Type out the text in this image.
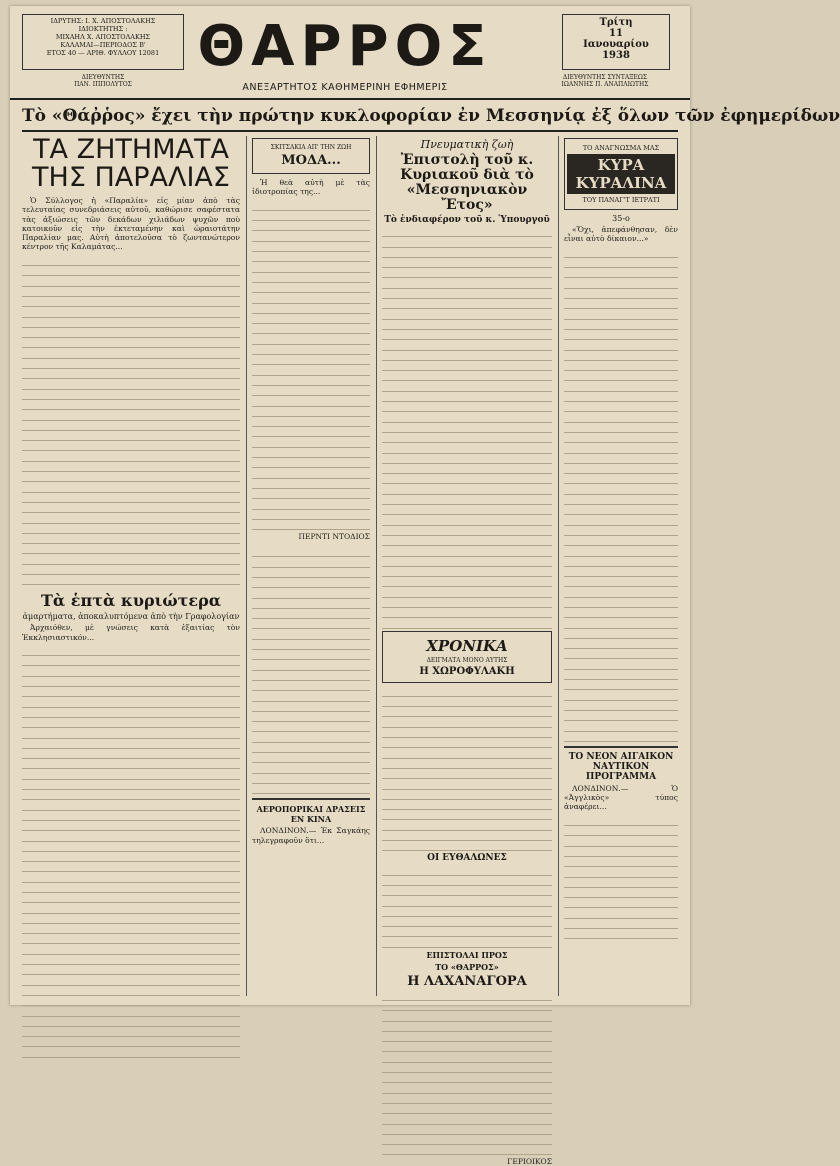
ΙΔΡΥΤΗΣ: Ι. Χ. ΑΠΟΣΤΟΛΑΚΗΣ
ΙΔΙΟΚΤΗΤΗΣ :
ΜΙΧΑΗΛ Χ. ΑΠΟΣΤΟΛΑΚΗΣ
ΚΑΛΑΜΑΙ—ΠΕΡΙΟΔΟΣ Β'
ΕΤΟΣ 40 — ΑΡΙΘ. ΦΥΛΛΟΥ 12081
ΔΙΕΥΘΥΝΤΗΣ
ΠΑΝ. ΙΠΠΟΛΥΤΟΣ
ΘΑΡΡΟΣ
ΑΝΕΞΑΡΤΗΤΟΣ ΚΑΘΗΜΕΡΙΝΗ ΕΦΗΜΕΡΙΣ
Τρίτη
11
Ιανουαρίου
1938
ΔΙΕΥΘΥΝΤΗΣ ΣΥΝΤΑΞΕΩΣ
ΙΩΑΝΝΗΣ Π. ΑΝΑΠΛΙΩΤΗΣ
Τὸ «Θάῤῥος» ἔχει τὴν πρώτην κυκλοφορίαν ἐν Μεσσηνίᾳ ἐξ ὅλων τῶν ἐφημερίδων
ΤΑ ΖΗΤΗΜΑΤΑ
ΤΗΣ ΠΑΡΑΛΙΑΣ

Ὁ Σύλλογος ἡ «Παραλία» εἰς μίαν ἀπὸ τὰς τελευταίας συνεδριάσεις αὐτοῦ, καθώρισε σαφέστατα τὰς ἀξιώσεις τῶν δεκάδων χιλιάδων ψυχῶν ποὺ κατοικοῦν εἰς τὴν ἐκτεταμένην καὶ ὡραιοτάτην Παραλίαν μας. Αὐτὴ ἀποτελοῦσα τὸ ζωντανώτερον κέντρον τῆς Καλαμάτας...

Τὰ ἑπτὰ κυριώτερα
ἁμαρτήματα, ἀποκαλυπτόμενα ἀπὸ τὴν Γραφολογίαν

Ἀρχαιόθεν, μὲ γνώσεις κατὰ ἐξαιτίας τὸν Ἐκκλησιαστικόν...

ΣΚΙΤΣΑΚΙΑ ΑΠ' ΤΗΝ ΖΩΗ
ΜΟΔΑ...

Ἡ θεὰ αὐτὴ μὲ τὰς ἰδιοτροπίας της...

ΠΕΡΝΤΙ ΝΤΟΔΙΟΣ
ΑΕΡΟΠΟΡΙΚΑΙ ΔΡΑΣΕΙΣ ΕΝ ΚΙΝΑ

ΛΟΝΔΙΝΟΝ.— Ἐκ Σαγκάης τηλεγραφοῦν ὅτι...

Πνευματικὴ ζωὴ
Ἐπιστολὴ τοῦ κ. Κυριακοῦ διὰ τὸ «Μεσσηνιακὸν Ἔτος»
Τὸ ἐνδιαφέρον τοῦ κ. Ὑπουργοῦ
ΧΡΟΝΙΚΑ
ΔΕΙΓΜΑΤΑ ΜΟΝΟ ΑΥΤΗΣ
Η ΧΩΡΟΦΥΛΑΚΗ
ΟΙ ΕΥΘΑΛΩΝΕΣ
ΕΠΙΣΤΟΛΑΙ ΠΡΟΣ
ΤΟ «ΘΑΡΡΟΣ»
Η ΛΑΧΑΝΑΓΟΡΑ
ΓΕΡΙΟΙΚΟΣ
ΤΟ ΑΝΑΓΝΩΣΜΑ ΜΑΣ
ΚΥΡΑ ΚΥΡΑΛΙΝΑ
ΤΟΥ ΠΑΝΑΓ'Τ ΙΕΤΡΑΤΙ
35-ο

«Ὅχι, ἀπεφάνθησαν, δὲν εἶναι αὐτὸ δίκαιον...»

ΤΟ ΝΕΟΝ ΑΙΓΑΙΚΟΝ ΝΑΥΤΙΚΟΝ ΠΡΟΓΡΑΜΜΑ

ΛΟΝΔΙΝΟΝ.— Ὁ «Ἀγγλικὸς» τύπος ἀναφέρει...
